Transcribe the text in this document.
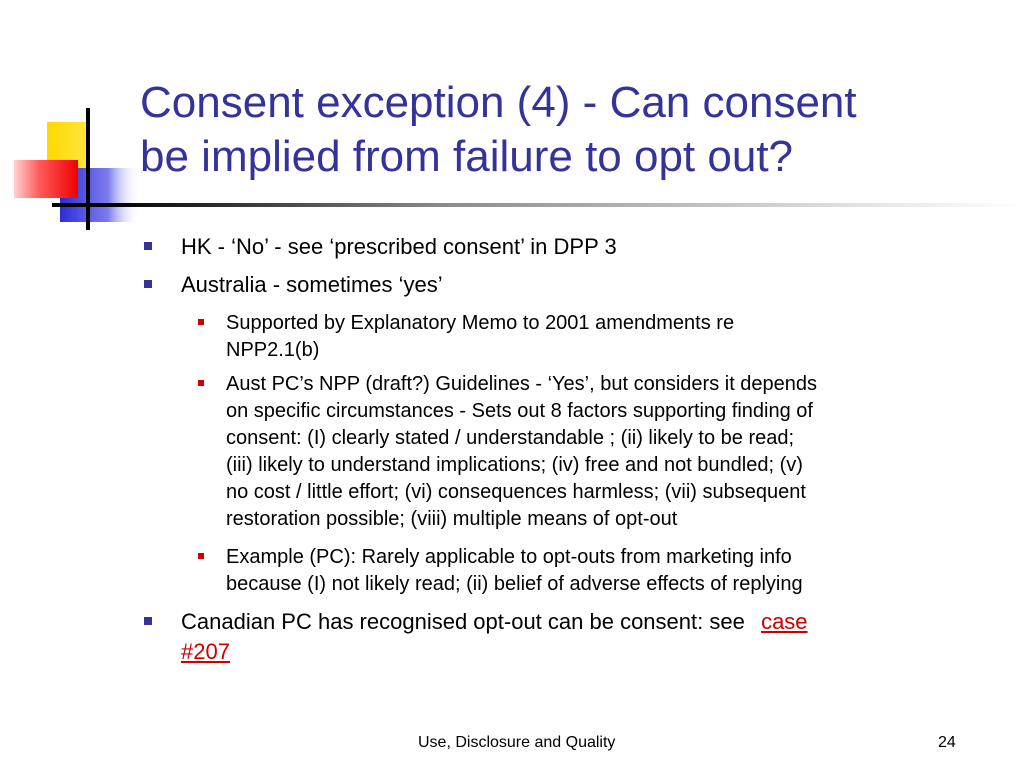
Consent exception (4) - Can consent
be implied from failure to opt out?
HK - ‘No’ - see ‘prescribed consent’ in DPP 3
Australia - sometimes ‘yes’
Supported by Explanatory Memo to 2001 amendments re
NPP2.1(b)
Aust PC’s NPP (draft?) Guidelines - ‘Yes’, but considers it depends
on specific circumstances - Sets out 8 factors supporting finding of
consent: (I) clearly stated / understandable ; (ii) likely to be read;
(iii) likely to understand implications; (iv) free and not bundled; (v)
no cost / little effort; (vi) consequences harmless; (vii) subsequent
restoration possible; (viii) multiple means of opt-out
Example (PC): Rarely applicable to opt-outs from marketing info
because (I) not likely read; (ii) belief of adverse effects of replying
Canadian PC has recognised opt-out can be consent: see case
#207
Use, Disclosure and Quality	24
